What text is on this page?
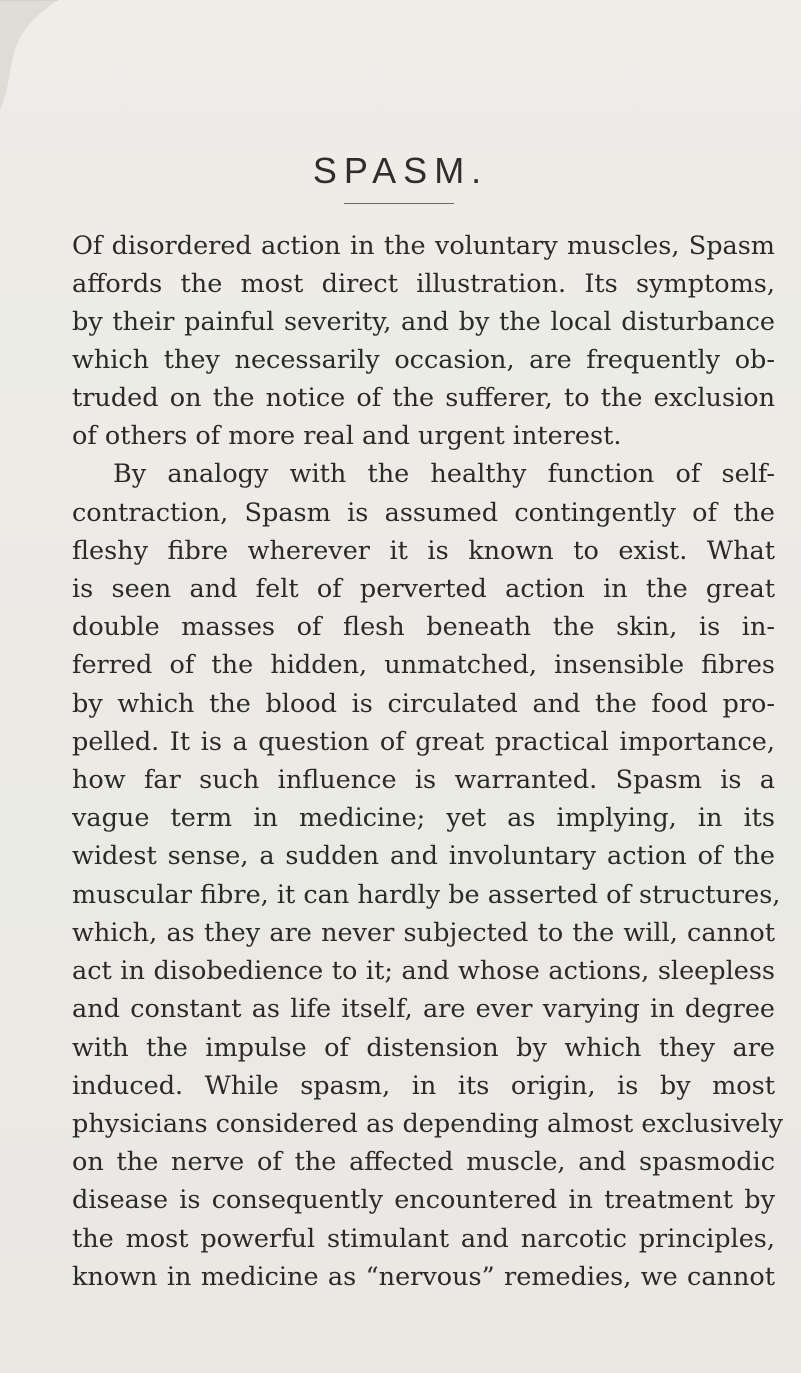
SPASM.

Of disordered action in the voluntary muscles, Spasm

affords the most direct illustration. Its symptoms,

by their painful severity, and by the local disturbance

which they necessarily occasion, are frequently ob-

truded on the notice of the sufferer, to the exclusion

of others of more real and urgent interest.

By analogy with the healthy function of self-

contraction, Spasm is assumed contingently of the

fleshy fibre wherever it is known to exist. What

is seen and felt of perverted action in the great

double masses of flesh beneath the skin, is in-

ferred of the hidden, unmatched, insensible fibres

by which the blood is circulated and the food pro-

pelled. It is a question of great practical importance,

how far such influence is warranted. Spasm is a

vague term in medicine; yet as implying, in its

widest sense, a sudden and involuntary action of the

muscular fibre, it can hardly be asserted of structures,

which, as they are never subjected to the will, cannot

act in disobedience to it; and whose actions, sleepless

and constant as life itself, are ever varying in degree

with the impulse of distension by which they are

induced. While spasm, in its origin, is by most

physicians considered as depending almost exclusively

on the nerve of the affected muscle, and spasmodic

disease is consequently encountered in treatment by

the most powerful stimulant and narcotic principles,

known in medicine as “nervous” remedies, we cannot
